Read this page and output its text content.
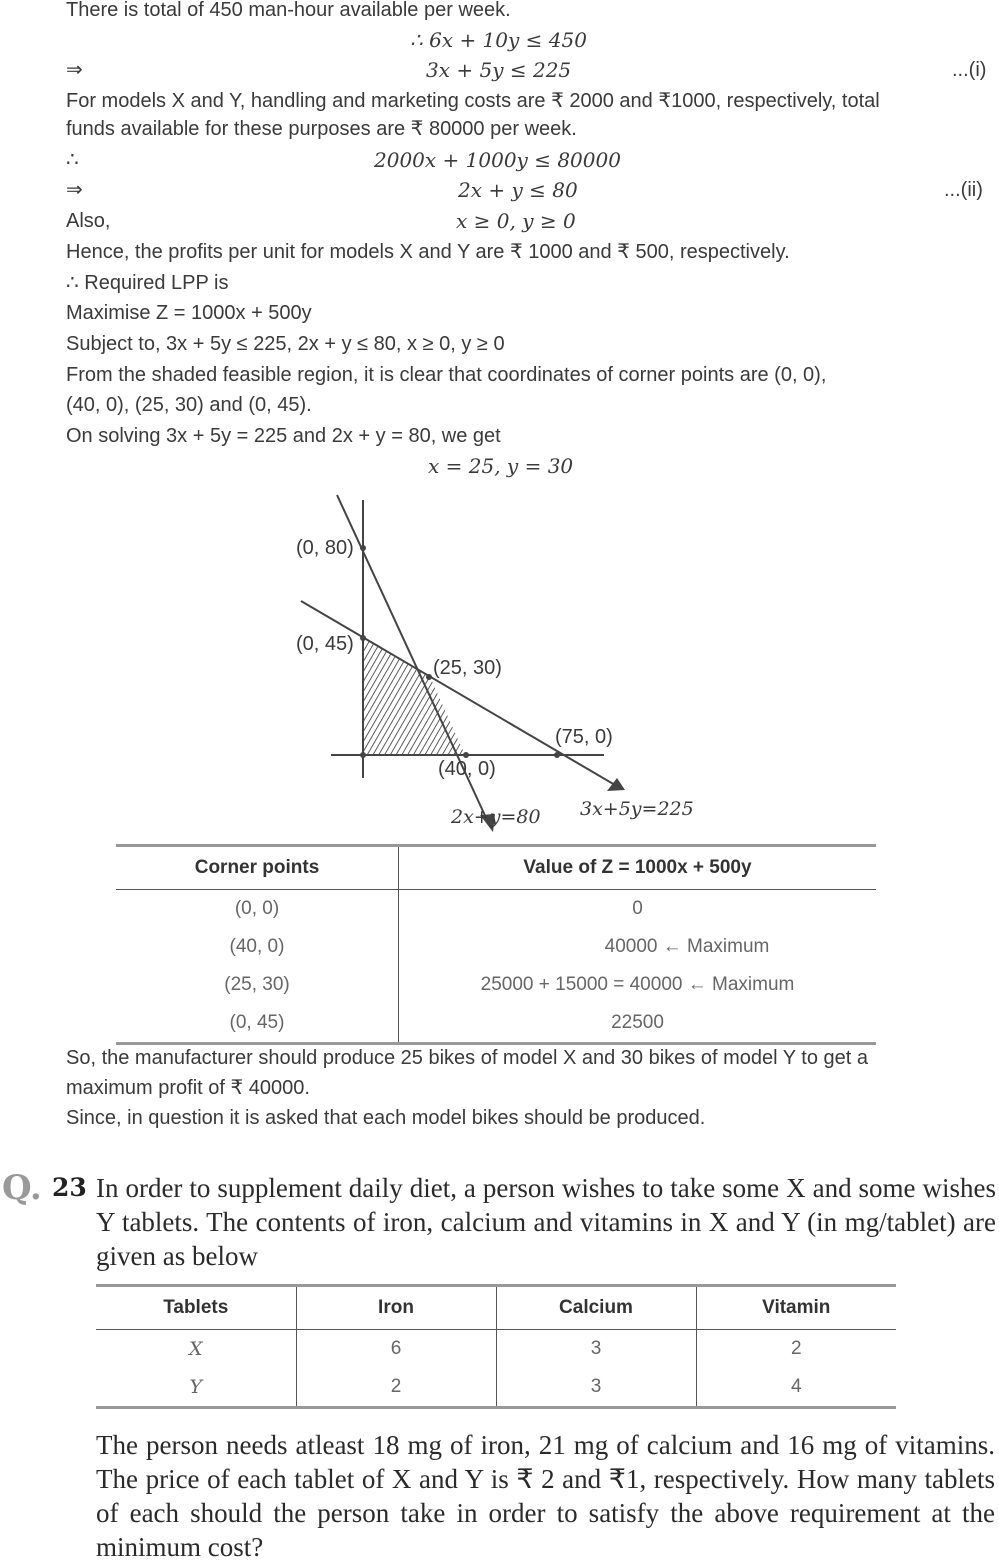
There is total of 450 man-hour available per week.
∴ 6x + 10y ≤ 450
⇒	3x + 5y ≤ 225	...(i)
For models X and Y, handling and marketing costs are ₹ 2000 and ₹1000, respectively, total
funds available for these purposes are ₹ 80000 per week.
∴	2000x + 1000y ≤ 80000
⇒	2x + y ≤ 80	...(ii)
Also,	x ≥ 0, y ≥ 0
Hence, the profits per unit for models X and Y are ₹ 1000 and ₹ 500, respectively.
∴ Required LPP is
Maximise Z = 1000x + 500y
Subject to, 3x + 5y ≤ 225, 2x + y ≤ 80, x ≥ 0, y ≥ 0
From the shaded feasible region, it is clear that coordinates of corner points are (0, 0),
(40, 0), (25, 30) and (0, 45).
On solving 3x + 5y = 225 and 2x + y = 80, we get
x = 25, y = 30
(0, 80)
(0, 45)
(25, 30)
(75, 0)
(40, 0)
2x+y=80 3x+5y=225
Corner points	Value of Z = 1000x + 500y
(0, 0)	0
(40, 0)	40000 ← Maximum
(25, 30)	25000 + 15000 = 40000 ← Maximum
(0, 45)	22500
So, the manufacturer should produce 25 bikes of model X and 30 bikes of model Y to get a
maximum profit of ₹ 40000.
Since, in question it is asked that each model bikes should be produced.
Q. 23 In order to supplement daily diet, a person wishes to take some X and some wishes Y tablets. The contents of iron, calcium and vitamins in X and Y (in mg/tablet) are given as below
Tablets	Iron	Calcium	Vitamin
X	6	3	2
Y	2	3	4
The person needs atleast 18 mg of iron, 21 mg of calcium and 16 mg of vitamins. The price of each tablet of X and Y is ₹ 2 and ₹1, respectively. How many tablets of each should the person take in order to satisfy the above requirement at the minimum cost?
